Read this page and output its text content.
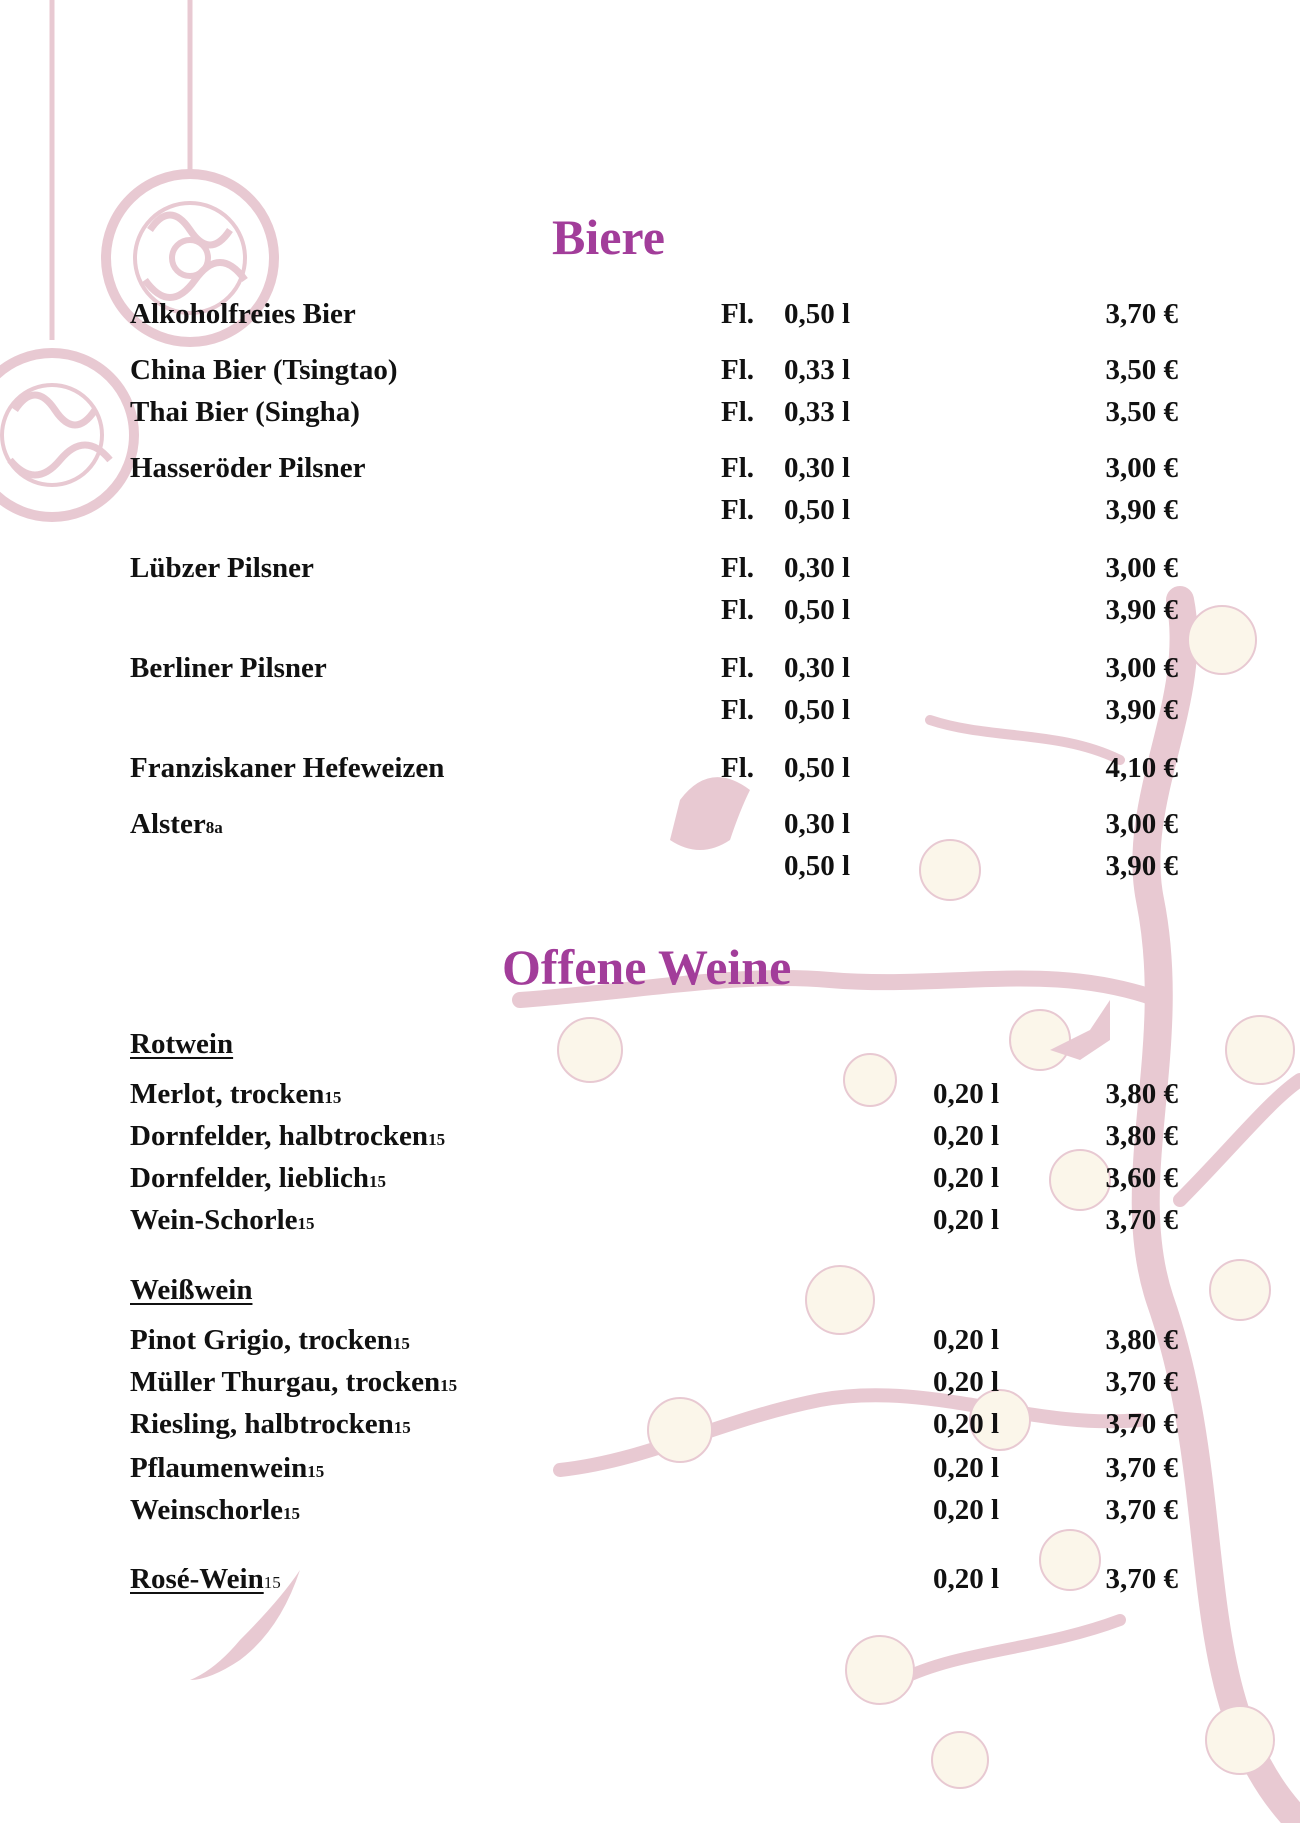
Biere
Alkoholfreies Bier	Fl. 0,50 l	3,70 €
China Bier (Tsingtao)	Fl. 0,33 l	3,50 €
Thai Bier (Singha)	Fl. 0,33 l	3,50 €
Hasseröder Pilsner	Fl. 0,30 l	3,00 €
Fl. 0,50 l	3,90 €
Lübzer Pilsner	Fl. 0,30 l	3,00 €
Fl. 0,50 l	3,90 €
Berliner Pilsner	Fl. 0,30 l	3,00 €
Fl. 0,50 l	3,90 €
Franziskaner Hefeweizen	Fl. 0,50 l	4,10 €
Alster8a	0,30 l	3,00 €
0,50 l	3,90 €
Offene Weine
Rotwein
Merlot, trocken15	0,20 l	3,80 €
Dornfelder, halbtrocken15	0,20 l	3,80 €
Dornfelder, lieblich15	0,20 l	3,60 €
Wein-Schorle15	0,20 l	3,70 €
Weißwein
Pinot Grigio, trocken15	0,20 l	3,80 €
Müller Thurgau, trocken15	0,20 l	3,70 €
Riesling, halbtrocken15	0,20 l	3,70 €
Pflaumenwein15	0,20 l	3,70 €
Weinschorle15	0,20 l	3,70 €
Rosé-Wein15	0,20 l	3,70 €
